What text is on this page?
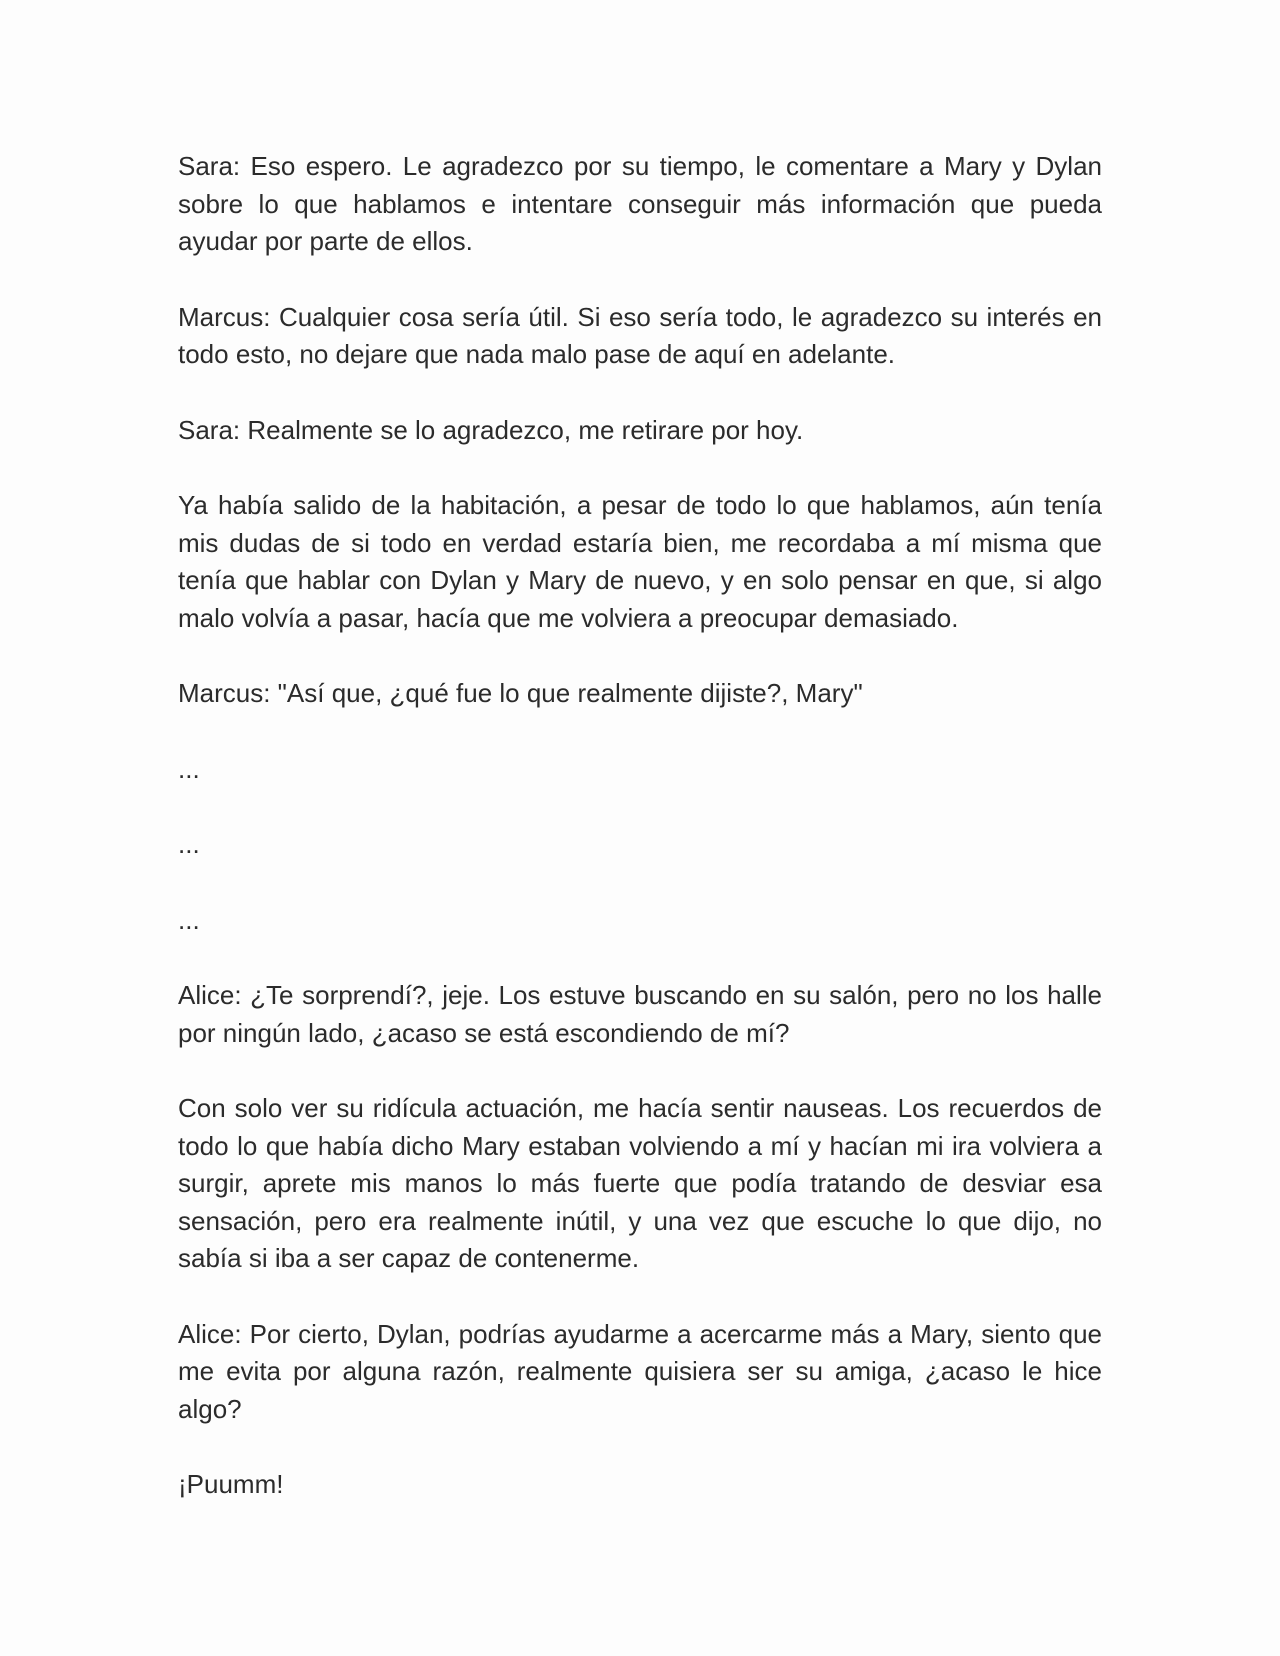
Sara: Eso espero. Le agradezco por su tiempo, le comentare a Mary y Dylan sobre lo que hablamos e intentare conseguir más información que pueda ayudar por parte de ellos.

Marcus: Cualquier cosa sería útil. Si eso sería todo, le agradezco su interés en todo esto, no dejare que nada malo pase de aquí en adelante.

Sara: Realmente se lo agradezco, me retirare por hoy.

Ya había salido de la habitación, a pesar de todo lo que hablamos, aún tenía mis dudas de si todo en verdad estaría bien, me recordaba a mí misma que tenía que hablar con Dylan y Mary de nuevo, y en solo pensar en que, si algo malo volvía a pasar, hacía que me volviera a preocupar demasiado.

Marcus: "Así que, ¿qué fue lo que realmente dijiste?, Mary"

...

...

...

Alice: ¿Te sorprendí?, jeje. Los estuve buscando en su salón, pero no los halle por ningún lado, ¿acaso se está escondiendo de mí?

Con solo ver su ridícula actuación, me hacía sentir nauseas. Los recuerdos de todo lo que había dicho Mary estaban volviendo a mí y hacían mi ira volviera a surgir, aprete mis manos lo más fuerte que podía tratando de desviar esa sensación, pero era realmente inútil, y una vez que escuche lo que dijo, no sabía si iba a ser capaz de contenerme.

Alice: Por cierto, Dylan, podrías ayudarme a acercarme más a Mary, siento que me evita por alguna razón, realmente quisiera ser su amiga, ¿acaso le hice algo?

¡Puumm!
